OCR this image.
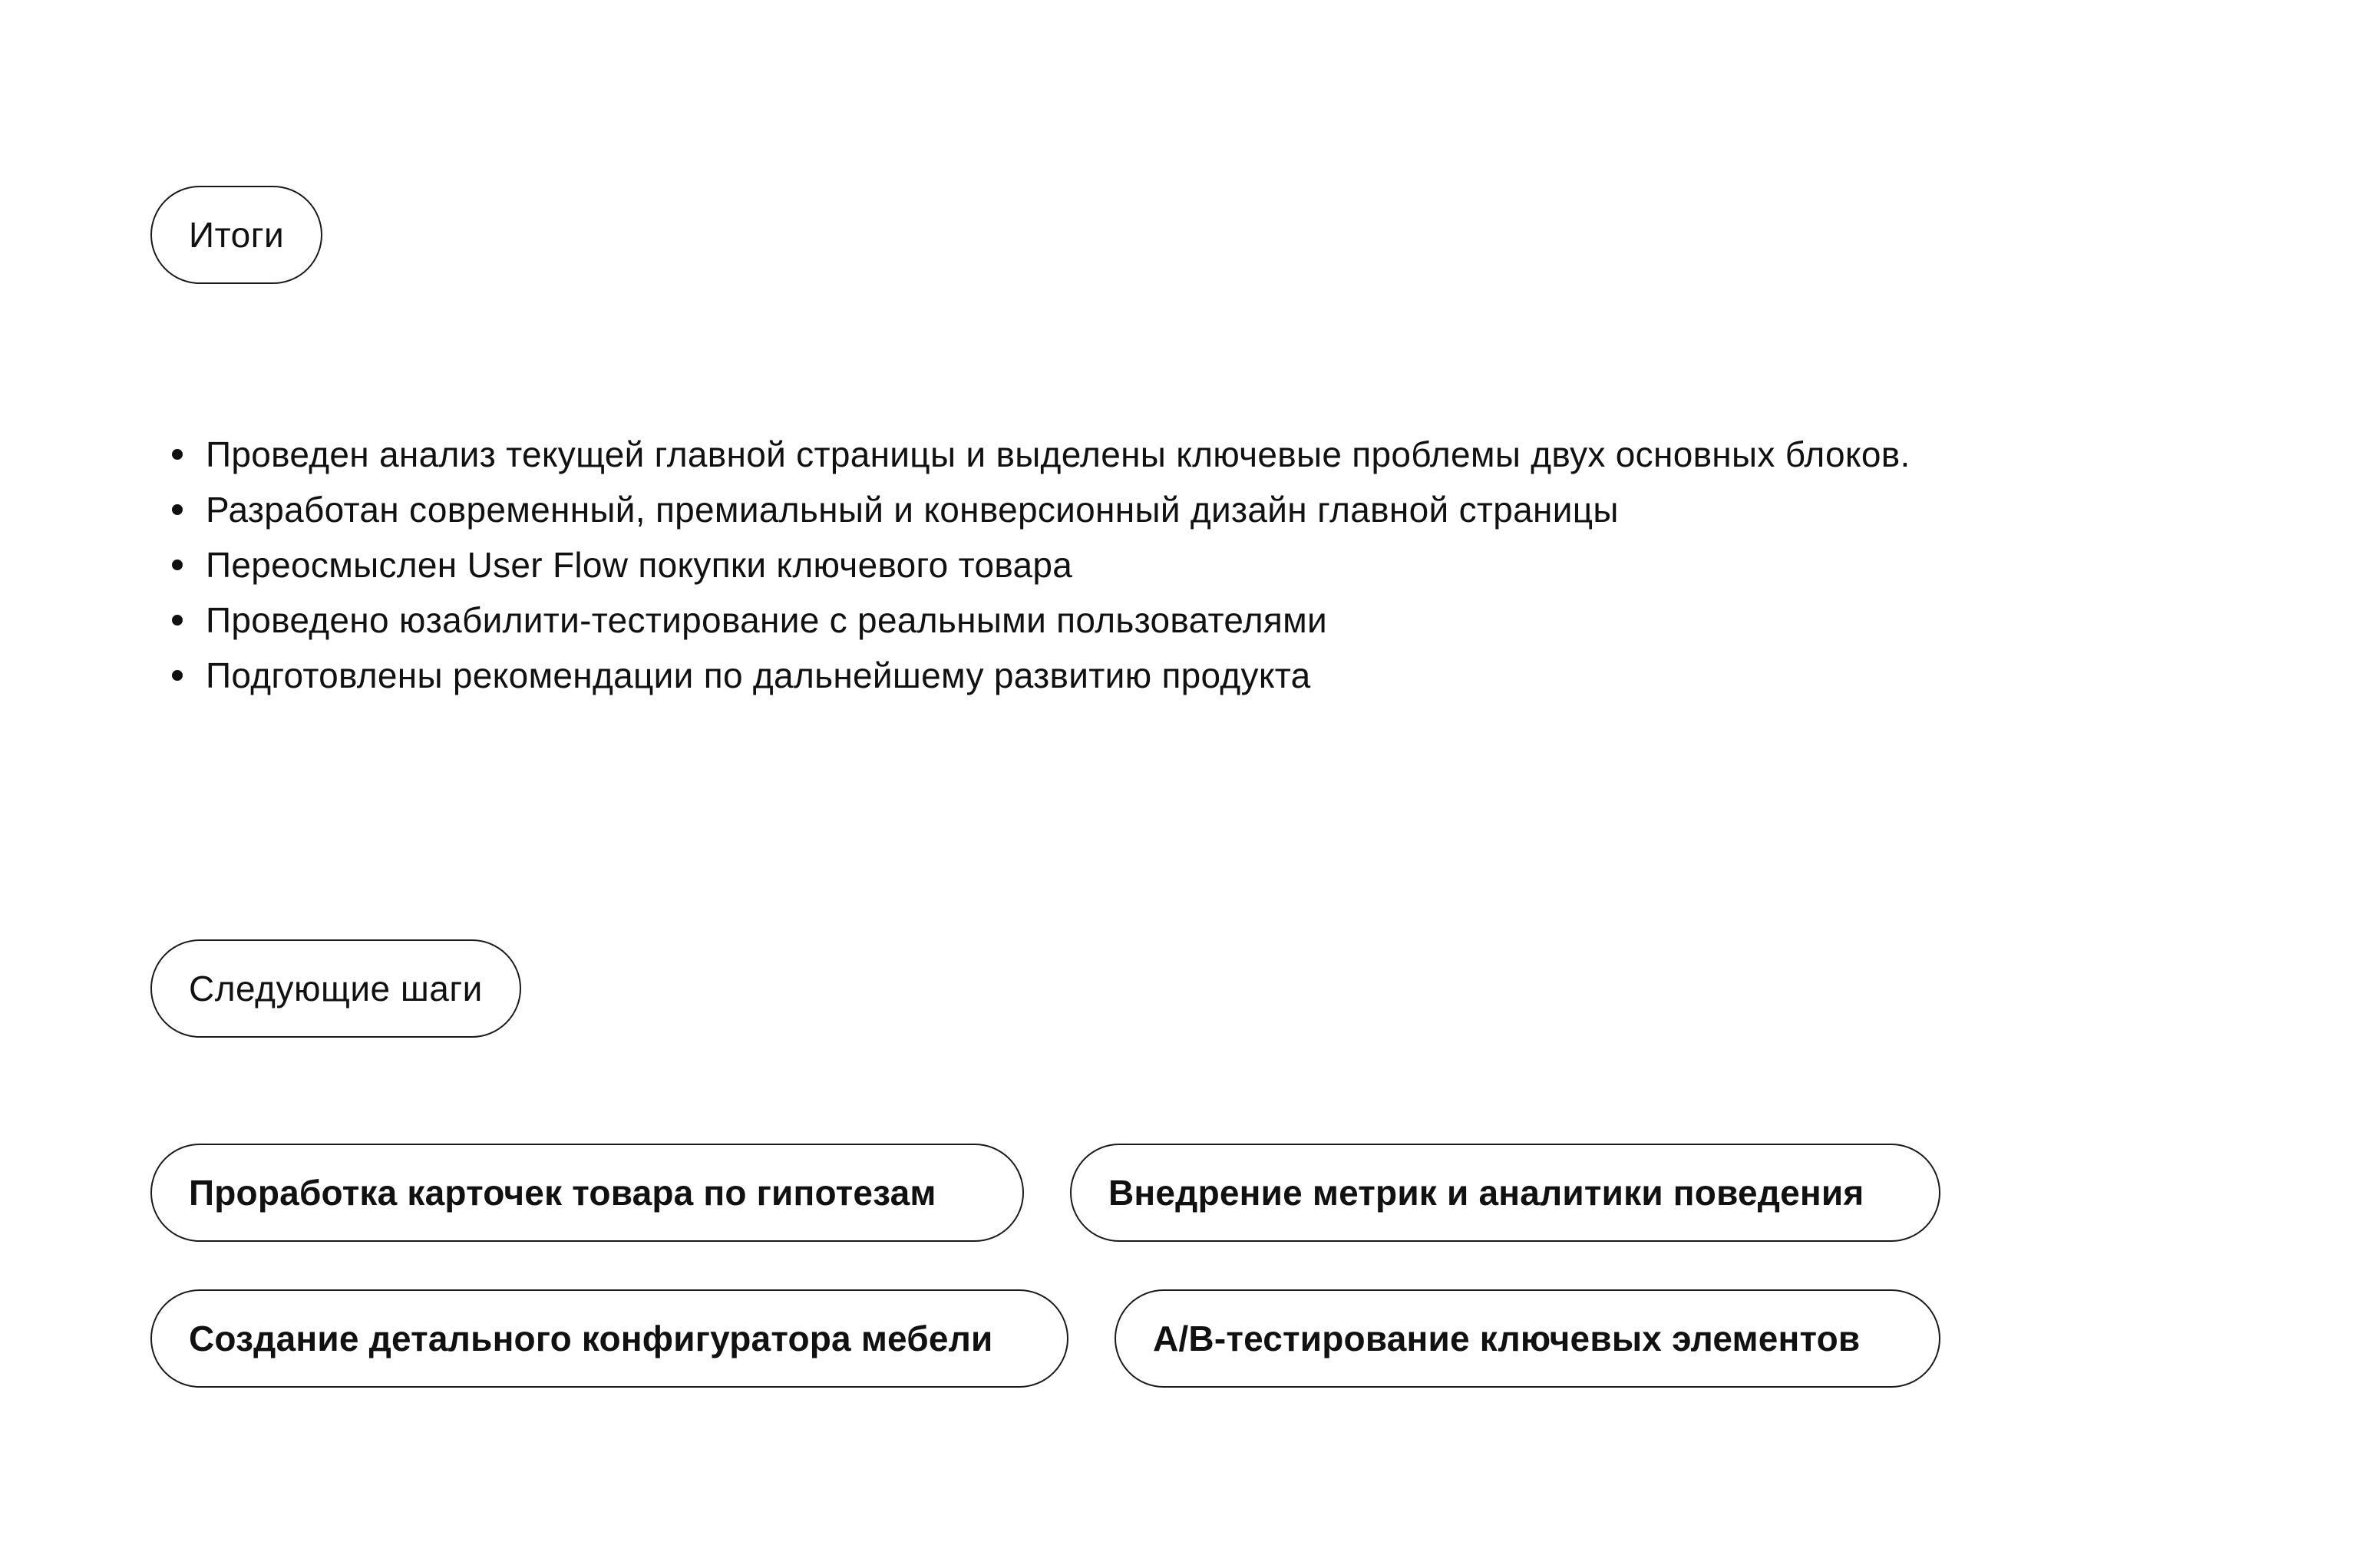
Итоги
Проведен анализ текущей главной страницы и выделены ключевые проблемы двух основных блоков.
Разработан современный, премиальный и конверсионный дизайн главной страницы
Переосмыслен User Flow покупки ключевого товара
Проведено юзабилити-тестирование с реальными пользователями
Подготовлены рекомендации по дальнейшему развитию продукта
Следующие шаги
Проработка карточек товара по гипотезам	Внедрение метрик и аналитики поведения
Создание детального конфигуратора мебели	A/B-тестирование ключевых элементов
